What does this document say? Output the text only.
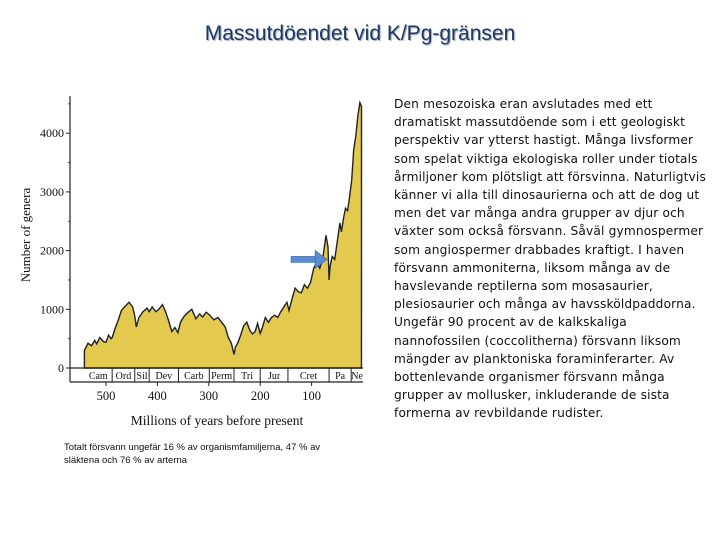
Massutdöendet vid K/Pg-gränsen
Cam Ord Sil Dev Carb Perm Tri Jur Cret Pa Ne
0
1000
2000
3000
4000
500	400	300	200	100
Number of genera
Millions of years before present
Totalt försvann ungefär 16 % av organismfamiljerna, 47 % av släktena och 76 % av arterna
Den mesozoiska eran avslutades med ett dramatiskt massutdöende som i ett geologiskt perspektiv var ytterst hastigt. Många livsformer som spelat viktiga ekologiska roller under tiotals årmiljoner kom plötsligt att försvinna. Naturligtvis känner vi alla till dinosaurierna och att de dog ut men det var många andra grupper av djur och växter som också försvann. Såväl gymnospermer som angiospermer drabbades kraftigt. I haven försvann ammoniterna, liksom många av de havslevande reptilerna som mosasaurier, plesiosaurier och många av havssköldpaddorna. Ungefär 90 procent av de kalkskaliga nannofossilen (coccolitherna) försvann liksom mängder av planktoniska foraminferarter. Av bottenlevande organismer försvann många grupper av mollusker, inkluderande de sista formerna av revbildande rudister.
